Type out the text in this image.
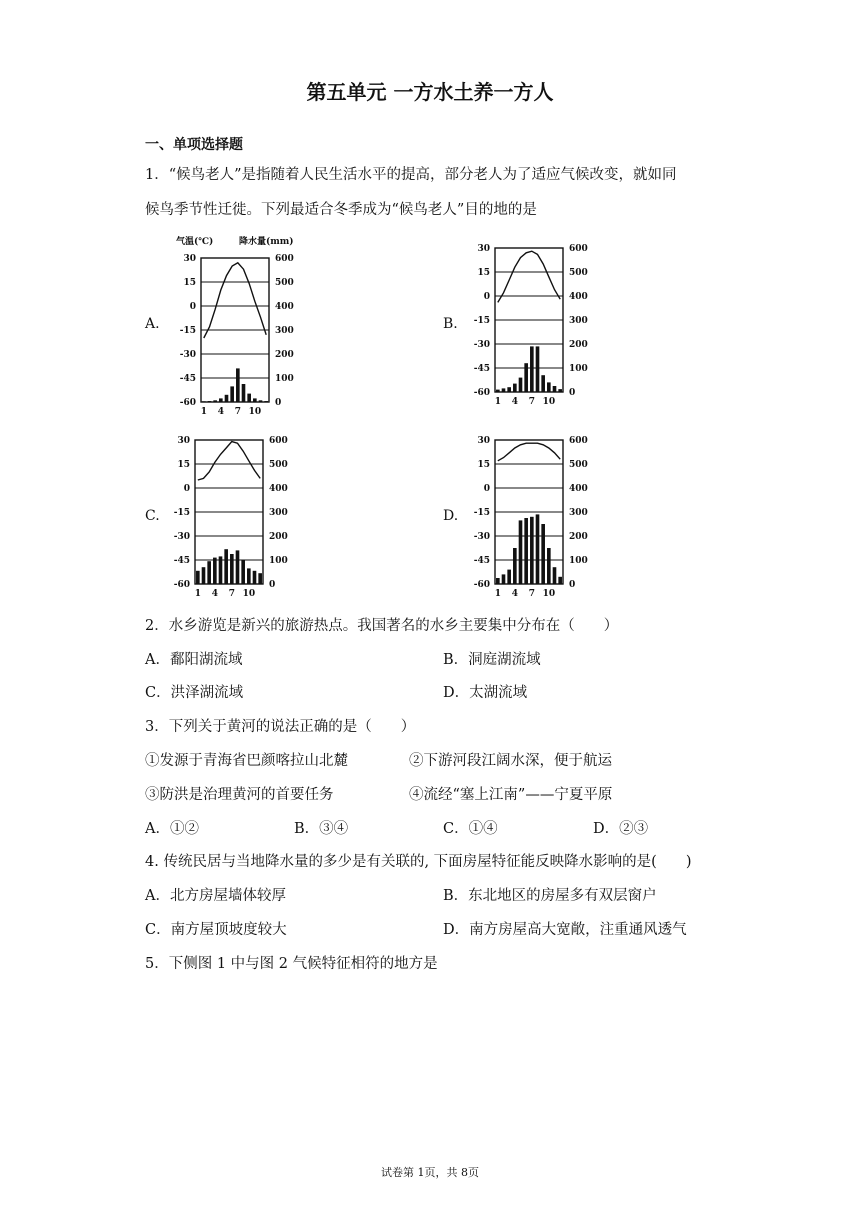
第五单元 一方水土养一方人
一、单项选择题
1．“候鸟老人”是指随着人民生活水平的提高，部分老人为了适应气候改变，就如同
候鸟季节性迁徙。下列最适合冬季成为“候鸟老人”目的地的是
A.	B.
C.	D.
气温(℃)	降水量(mm)
30
15
0
-15
-30
-45
-60
600
500
400
300
200
100
0
1 4 7 10
30
15
0
-15
-30
-45
-60
600
500
400
300
200
100
0
1 4 7 10
30
15
0
-15
-30
-45
-60
600
500
400
300
200
100
0
1 4 7 10
30
15
0
-15
-30
-45
-60
600
500
400
300
200
100
0
1 4 7 10
2．水乡游览是新兴的旅游热点。我国著名的水乡主要集中分布在（　　）
A．鄱阳湖流域	B．洞庭湖流域
C．洪泽湖流域	D．太湖流域
3．下列关于黄河的说法正确的是（　　）
①发源于青海省巴颜喀拉山北麓	②下游河段江阔水深，便于航运
③防洪是治理黄河的首要任务	④流经“塞上江南”——宁夏平原
A．①②	B．③④	C．①④	D．②③
4. 传统民居与当地降水量的多少是有关联的, 下面房屋特征能反映降水影响的是(　　)
A．北方房屋墙体较厚	B．东北地区的房屋多有双层窗户
C．南方屋顶坡度较大	D．南方房屋高大宽敞，注重通风透气
5．下侧图 1 中与图 2 气候特征相符的地方是
试卷第 1页，共 8页
